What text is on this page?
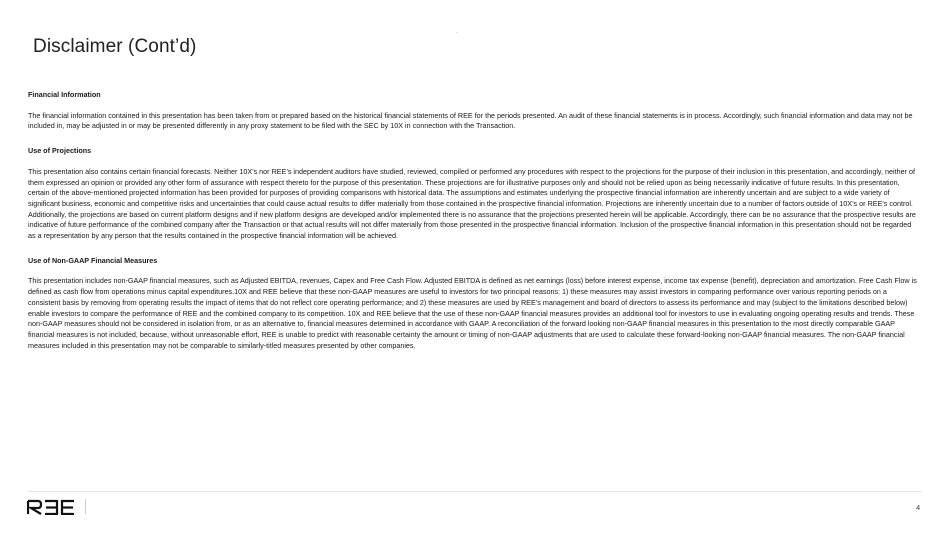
Disclaimer (Cont’d)
·
Financial Information
The financial information contained in this presentation has been taken from or prepared based on the historical financial statements of REE for the periods presented. An audit of these financial statements is in process. Accordingly, such financial information and data may not be included in, may be adjusted in or may be presented differently in any proxy statement to be filed with the SEC by 10X in connection with the Transaction.
Use of Projections
This presentation also contains certain financial forecasts. Neither 10X’s nor REE’s independent auditors have studied, reviewed, compiled or performed any procedures with respect to the projections for the purpose of their inclusion in this presentation, and accordingly, neither of them expressed an opinion or provided any other form of assurance with respect thereto for the purpose of this presentation. These projections are for illustrative purposes only and should not be relied upon as being necessarily indicative of future results. In this presentation, certain of the above-mentioned projected information has been provided for purposes of providing comparisons with historical data. The assumptions and estimates underlying the prospective financial information are inherently uncertain and are subject to a wide variety of significant business, economic and competitive risks and uncertainties that could cause actual results to differ materially from those contained in the prospective financial information. Projections are inherently uncertain due to a number of factors outside of 10X’s or REE’s control. Additionally, the projections are based on current platform designs and if new platform designs are developed and/or implemented there is no assurance that the projections presented herein will be applicable. Accordingly, there can be no assurance that the prospective results are indicative of future performance of the combined company after the Transaction or that actual results will not differ materially from those presented in the prospective financial information. Inclusion of the prospective financial information in this presentation should not be regarded as a representation by any person that the results contained in the prospective financial information will be achieved.
Use of Non-GAAP Financial Measures
This presentation includes non-GAAP financial measures, such as Adjusted EBITDA, revenues, Capex and Free Cash Flow. Adjusted EBITDA is defined as net earnings (loss) before interest expense, income tax expense (benefit), depreciation and amortization. Free Cash Flow is defined as cash flow from operations minus capital expenditures.10X and REE believe that these non-GAAP measures are useful to investors for two principal reasons: 1) these measures may assist investors in comparing performance over various reporting periods on a consistent basis by removing from operating results the impact of items that do not reflect core operating performance; and 2) these measures are used by REE’s management and board of directors to assess its performance and may (subject to the limitations described below) enable investors to compare the performance of REE and the combined company to its competition. 10X and REE believe that the use of these non-GAAP financial measures provides an additional tool for investors to use in evaluating ongoing operating results and trends. These non-GAAP measures should not be considered in isolation from, or as an alternative to, financial measures determined in accordance with GAAP. A reconciliation of the forward looking non-GAAP financial measures in this presentation to the most directly comparable GAAP financial measures is not included, because, without unreasonable effort, REE is unable to predict with reasonable certainty the amount or timing of non-GAAP adjustments that are used to calculate these forward-looking non-GAAP financial measures. The non-GAAP financial measures included in this presentation may not be comparable to similarly-titled measures presented by other companies.
4
